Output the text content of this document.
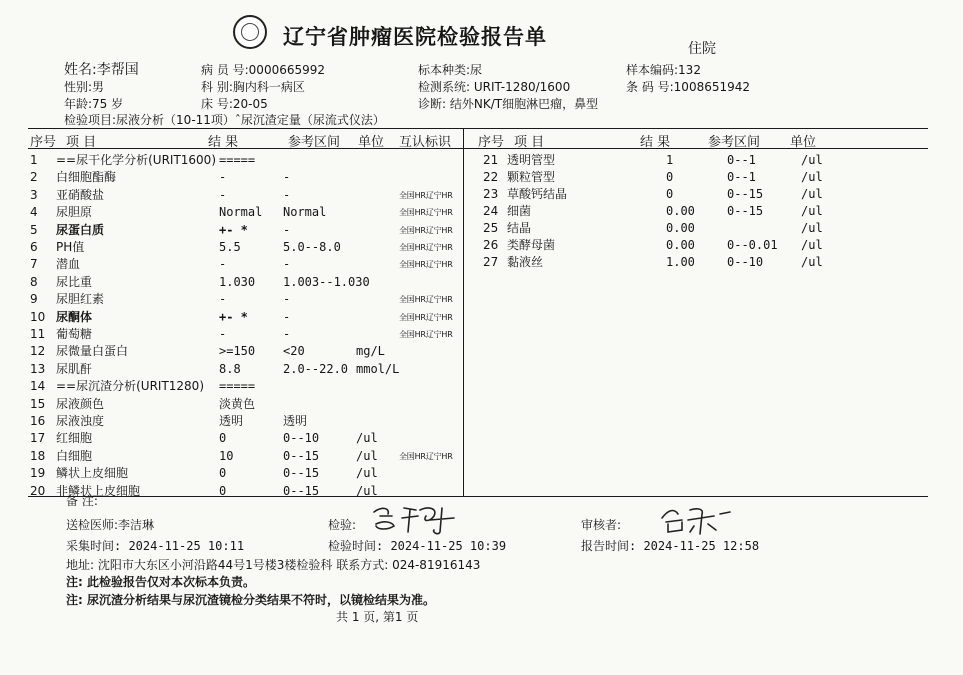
辽宁省肿瘤医院检验报告单	住院
姓名:李帮国	病 员 号:0000665992	标本种类:尿	样本编码:132
性别:男	科 别:胸内科一病区	检测系统: URIT-1280/1600	条 码 号:1008651942
年龄:75 岁	床 号:20-05	诊断: 结外NK/T细胞淋巴瘤，鼻型
检验项目:尿液分析（10-11项）ˆ尿沉渣定量（尿流式仪法）
序号 项 目	结 果	参考区间 单位 互认标识 序号 项 目	结 果	参考区间 单位
1 ==尿干化学分析(URIT1600) =====
2 白细胞酯酶	-	-
3 亚硝酸盐	-	-	全国HR辽宁HR
4 尿胆原	Normal Normal	全国HR辽宁HR
5 尿蛋白质	+- *	-	全国HR辽宁HR
6 PH值	5.5	5.0--8.0	全国HR辽宁HR
7 潜血	-	-	全国HR辽宁HR
8 尿比重	1.030 1.003--1.030
9 尿胆红素	-	-	全国HR辽宁HR
10 尿酮体	+- *	-	全国HR辽宁HR
11 葡萄糖	-	-	全国HR辽宁HR
12 尿微量白蛋白	>=150 <20	mg/L
13 尿肌酐	8.8	2.0--22.0 mmol/L
14 ==尿沉渣分析(URIT1280) =====
15 尿液颜色	淡黄色
16 尿液浊度	透明	透明
17 红细胞	0	0--10	/ul
18 白细胞	10	0--15	/ul	全国HR辽宁HR
19 鳞状上皮细胞	0	0--15	/ul
20 非鳞状上皮细胞	0	0--15	/ul
21 透明管型	1	0--1	/ul
22 颗粒管型	0	0--1	/ul
23 草酸钙结晶	0	0--15	/ul
24 细菌	0.00	0--15	/ul
25 结晶	0.00	/ul
26 类酵母菌	0.00	0--0.01 /ul
27 黏液丝	1.00	0--10	/ul
备 注:
送检医师:李洁琳	检验:	审核者:
采集时间: 2024-11-25 10:11	检验时间: 2024-11-25 10:39	报告时间: 2024-11-25 12:58
地址: 沈阳市大东区小河沿路44号1号楼3楼检验科 联系方式: 024-81916143
注: 此检验报告仅对本次标本负责。
注: 尿沉渣分析结果与尿沉渣镜检分类结果不符时，以镜检结果为准。
共 1 页, 第1 页
